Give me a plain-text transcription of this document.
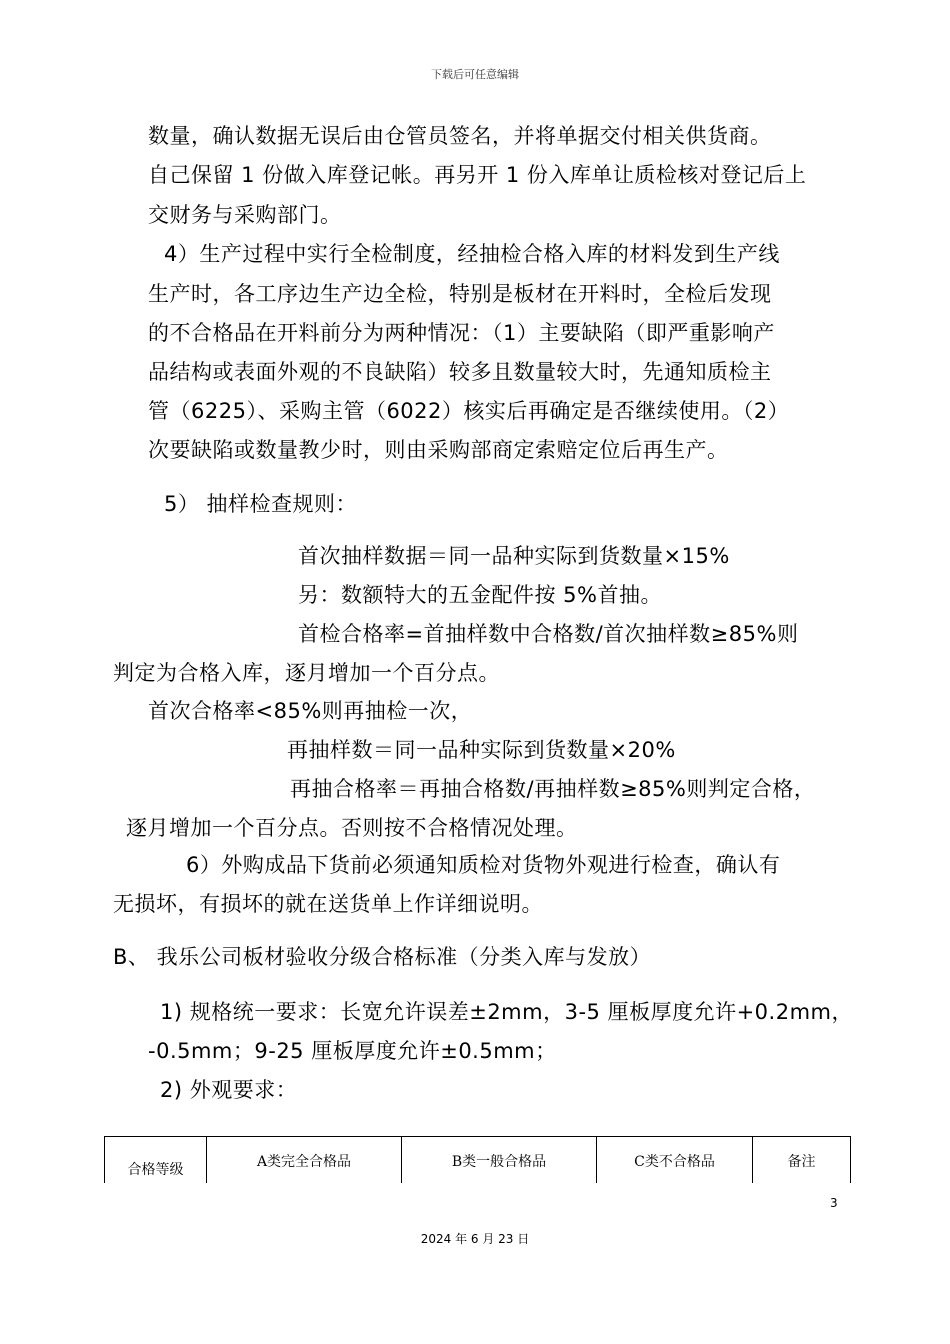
下载后可任意编辑
数量，确认数据无误后由仓管员签名，并将单据交付相关供货商。
自己保留 1 份做入库登记帐。再另开 1 份入库单让质检核对登记后上
交财务与采购部门。
4）生产过程中实行全检制度，经抽检合格入库的材料发到生产线
生产时，各工序边生产边全检，特别是板材在开料时，全检后发现
的不合格品在开料前分为两种情况：（1）主要缺陷（即严重影响产
品结构或表面外观的不良缺陷）较多且数量较大时，先通知质检主
管（6225）、采购主管（6022）核实后再确定是否继续使用。（2）
次要缺陷或数量教少时，则由采购部商定索赔定位后再生产。
5） 抽样检查规则：
首次抽样数据＝同一品种实际到货数量×15%
另：数额特大的五金配件按 5%首抽。
首检合格率=首抽样数中合格数/首次抽样数≥85%则
判定为合格入库，逐月增加一个百分点。
首次合格率<85%则再抽检一次，
再抽样数＝同一品种实际到货数量×20%
再抽合格率＝再抽合格数/再抽样数≥85%则判定合格，
逐月增加一个百分点。否则按不合格情况处理。
6）外购成品下货前必须通知质检对货物外观进行检查，确认有
无损坏，有损坏的就在送货单上作详细说明。
B、 我乐公司板材验收分级合格标准（分类入库与发放）
1) 规格统一要求：长宽允许误差±2mm，3-5 厘板厚度允许+0.2mm，
-0.5mm；9-25 厘板厚度允许±0.5mm；
2) 外观要求：
合格等级	A类完全合格品	B类一般合格品	C类不合格品	备注
3
2024 年 6 月 23 日
